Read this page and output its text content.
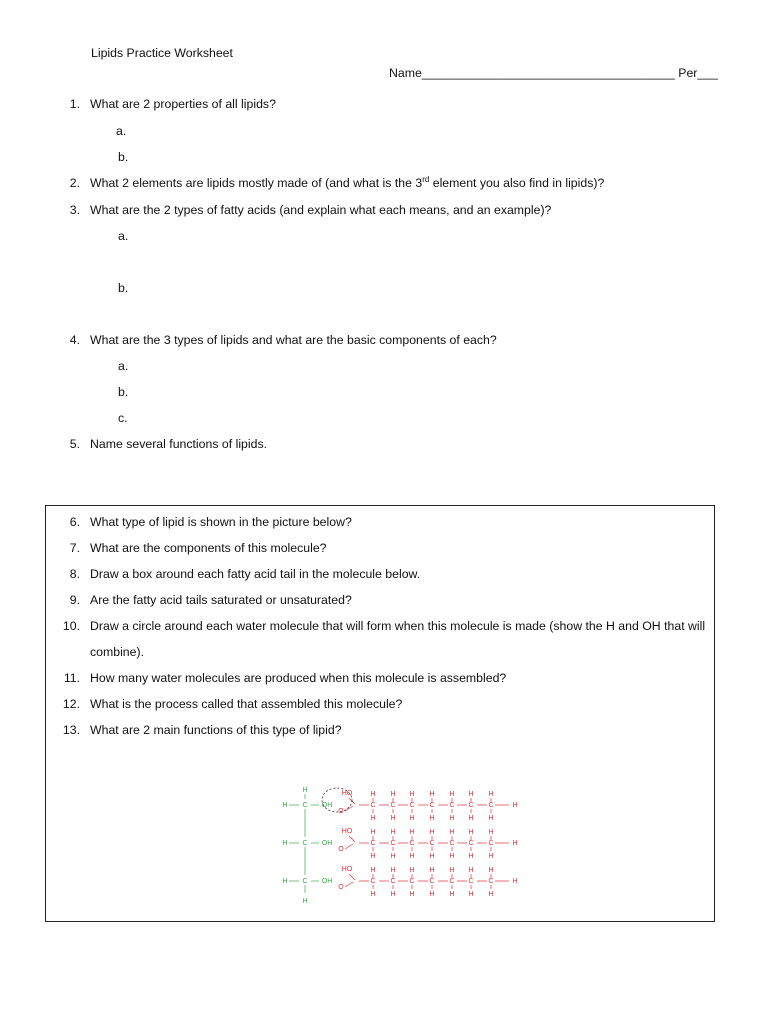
Lipids Practice Worksheet
Name_____________________________________ Per___
1. What are 2 properties of all lipids?
a.
b.
2. What 2 elements are lipids mostly made of (and what is the 3rd element you also find in lipids)?
3. What are the 2 types of fatty acids (and explain what each means, and an example)?
a.
b.
4. What are the 3 types of lipids and what are the basic components of each?
a.
b.
c.
5. Name several functions of lipids.
6. What type of lipid is shown in the picture below?
7. What are the components of this molecule?
8. Draw a box around each fatty acid tail in the molecule below.
9. Are the fatty acid tails saturated or unsaturated?
10. Draw a circle around each water molecule that will form when this molecule is made (show the H and OH that will combine).
11. How many water molecules are produced when this molecule is assembled?
12. What is the process called that assembled this molecule?
13. What are 2 main functions of this type of lipid?
H
H C OH
H C OH
H C OH
H
HO
O
H
C
H
H
C
H
H
C
H
H
C
H
H
C
H
H
C
H
H
C
H
H
HO
O
H
C
H
H
C
H
H
C
H
H
C
H
H
C
H
H
C
H
H
C
H
H
HO
O
H
C
H
H
C
H
H
C
H
H
C
H
H
C
H
H
C
H
H
C
H
H
